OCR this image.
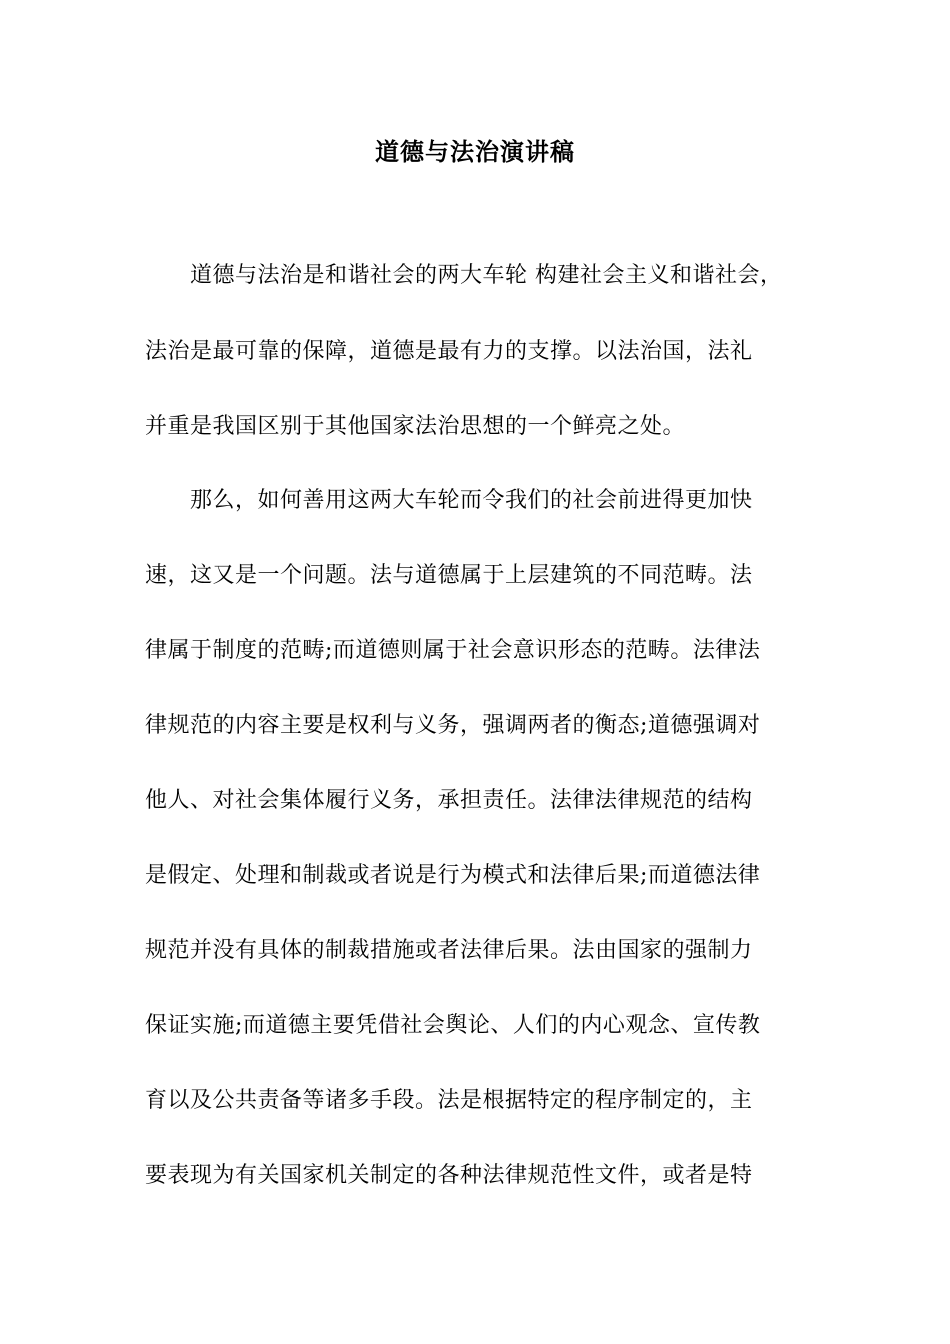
道德与法治演讲稿
　　道德与法治是和谐社会的两大车轮 构建社会主义和谐社会，
法治是最可靠的保障，道德是最有力的支撑。以法治国，法礼
并重是我国区别于其他国家法治思想的一个鲜亮之处。
　　那么，如何善用这两大车轮而令我们的社会前进得更加快
速，这又是一个问题。法与道德属于上层建筑的不同范畴。法
律属于制度的范畴;而道德则属于社会意识形态的范畴。法律法
律规范的内容主要是权利与义务，强调两者的衡态;道德强调对
他人、对社会集体履行义务，承担责任。法律法律规范的结构
是假定、处理和制裁或者说是行为模式和法律后果;而道德法律
规范并没有具体的制裁措施或者法律后果。法由国家的强制力
保证实施;而道德主要凭借社会舆论、人们的内心观念、宣传教
育以及公共责备等诸多手段。法是根据特定的程序制定的，主
要表现为有关国家机关制定的各种法律规范性文件，或者是特
